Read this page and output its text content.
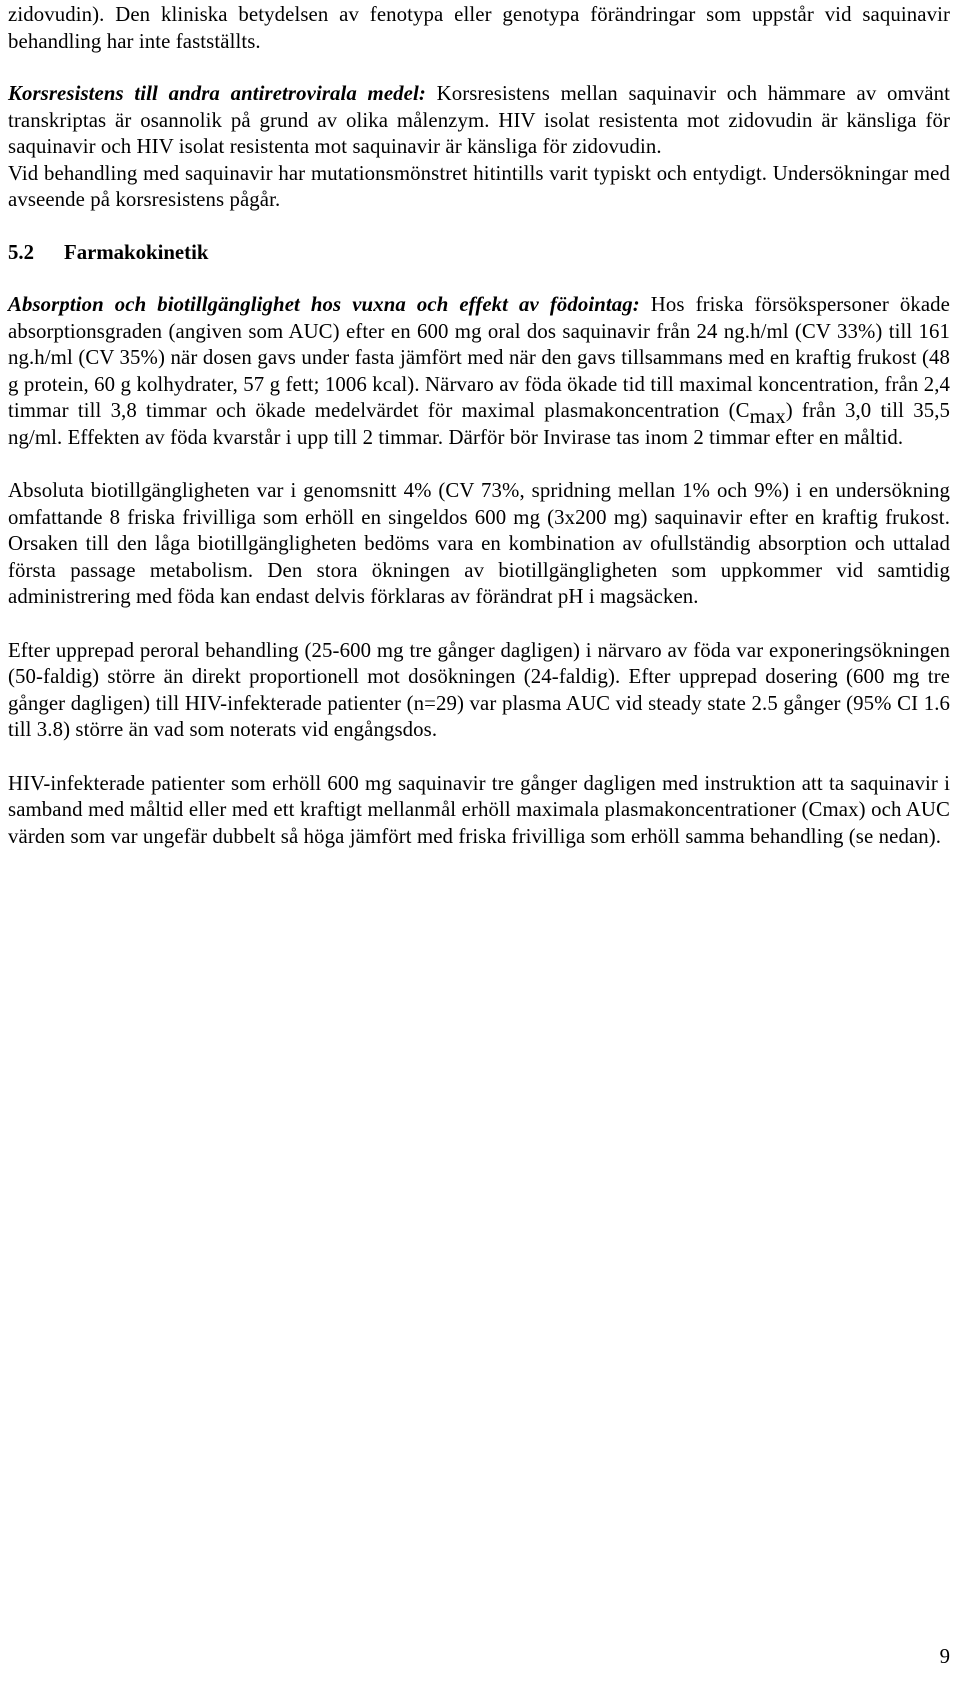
zidovudin). Den kliniska betydelsen av fenotypa eller genotypa förändringar som uppstår vid saquinavir behandling har inte fastställts.

Korsresistens till andra antiretrovirala medel: Korsresistens mellan saquinavir och hämmare av omvänt transkriptas är osannolik på grund av olika målenzym. HIV isolat resistenta mot zidovudin är känsliga för saquinavir och HIV isolat resistenta mot saquinavir är känsliga för zidovudin.

Vid behandling med saquinavir har mutationsmönstret hitintills varit typiskt och entydigt. Undersökningar med avseende på korsresistens pågår.

5.2 Farmakokinetik

Absorption och biotillgänglighet hos vuxna och effekt av födointag: Hos friska försökspersoner ökade absorptionsgraden (angiven som AUC) efter en 600 mg oral dos saquinavir från 24 ng.h/ml (CV 33%) till 161 ng.h/ml (CV 35%) när dosen gavs under fasta jämfört med när den gavs tillsammans med en kraftig frukost (48 g protein, 60 g kolhydrater, 57 g fett; 1006 kcal). Närvaro av föda ökade tid till maximal koncentration, från 2,4 timmar till 3,8 timmar och ökade medelvärdet för maximal plasmakoncentration (Cmax) från 3,0 till 35,5 ng/ml. Effekten av föda kvarstår i upp till 2 timmar. Därför bör Invirase tas inom 2 timmar efter en måltid.

Absoluta biotillgängligheten var i genomsnitt 4% (CV 73%, spridning mellan 1% och 9%) i en undersökning omfattande 8 friska frivilliga som erhöll en singeldos 600 mg (3x200 mg) saquinavir efter en kraftig frukost. Orsaken till den låga biotillgängligheten bedöms vara en kombination av ofullständig absorption och uttalad första passage metabolism. Den stora ökningen av biotillgängligheten som uppkommer vid samtidig administrering med föda kan endast delvis förklaras av förändrat pH i magsäcken.

Efter upprepad peroral behandling (25-600 mg tre gånger dagligen) i närvaro av föda var exponeringsökningen (50-faldig) större än direkt proportionell mot dosökningen (24-faldig). Efter upprepad dosering (600 mg tre gånger dagligen) till HIV-infekterade patienter (n=29) var plasma AUC vid steady state 2.5 gånger (95% CI 1.6 till 3.8) större än vad som noterats vid engångsdos.

HIV-infekterade patienter som erhöll 600 mg saquinavir tre gånger dagligen med instruktion att ta saquinavir i samband med måltid eller med ett kraftigt mellanmål erhöll maximala plasmakoncentrationer (Cmax) och AUC värden som var ungefär dubbelt så höga jämfört med friska frivilliga som erhöll samma behandling (se nedan).

9
